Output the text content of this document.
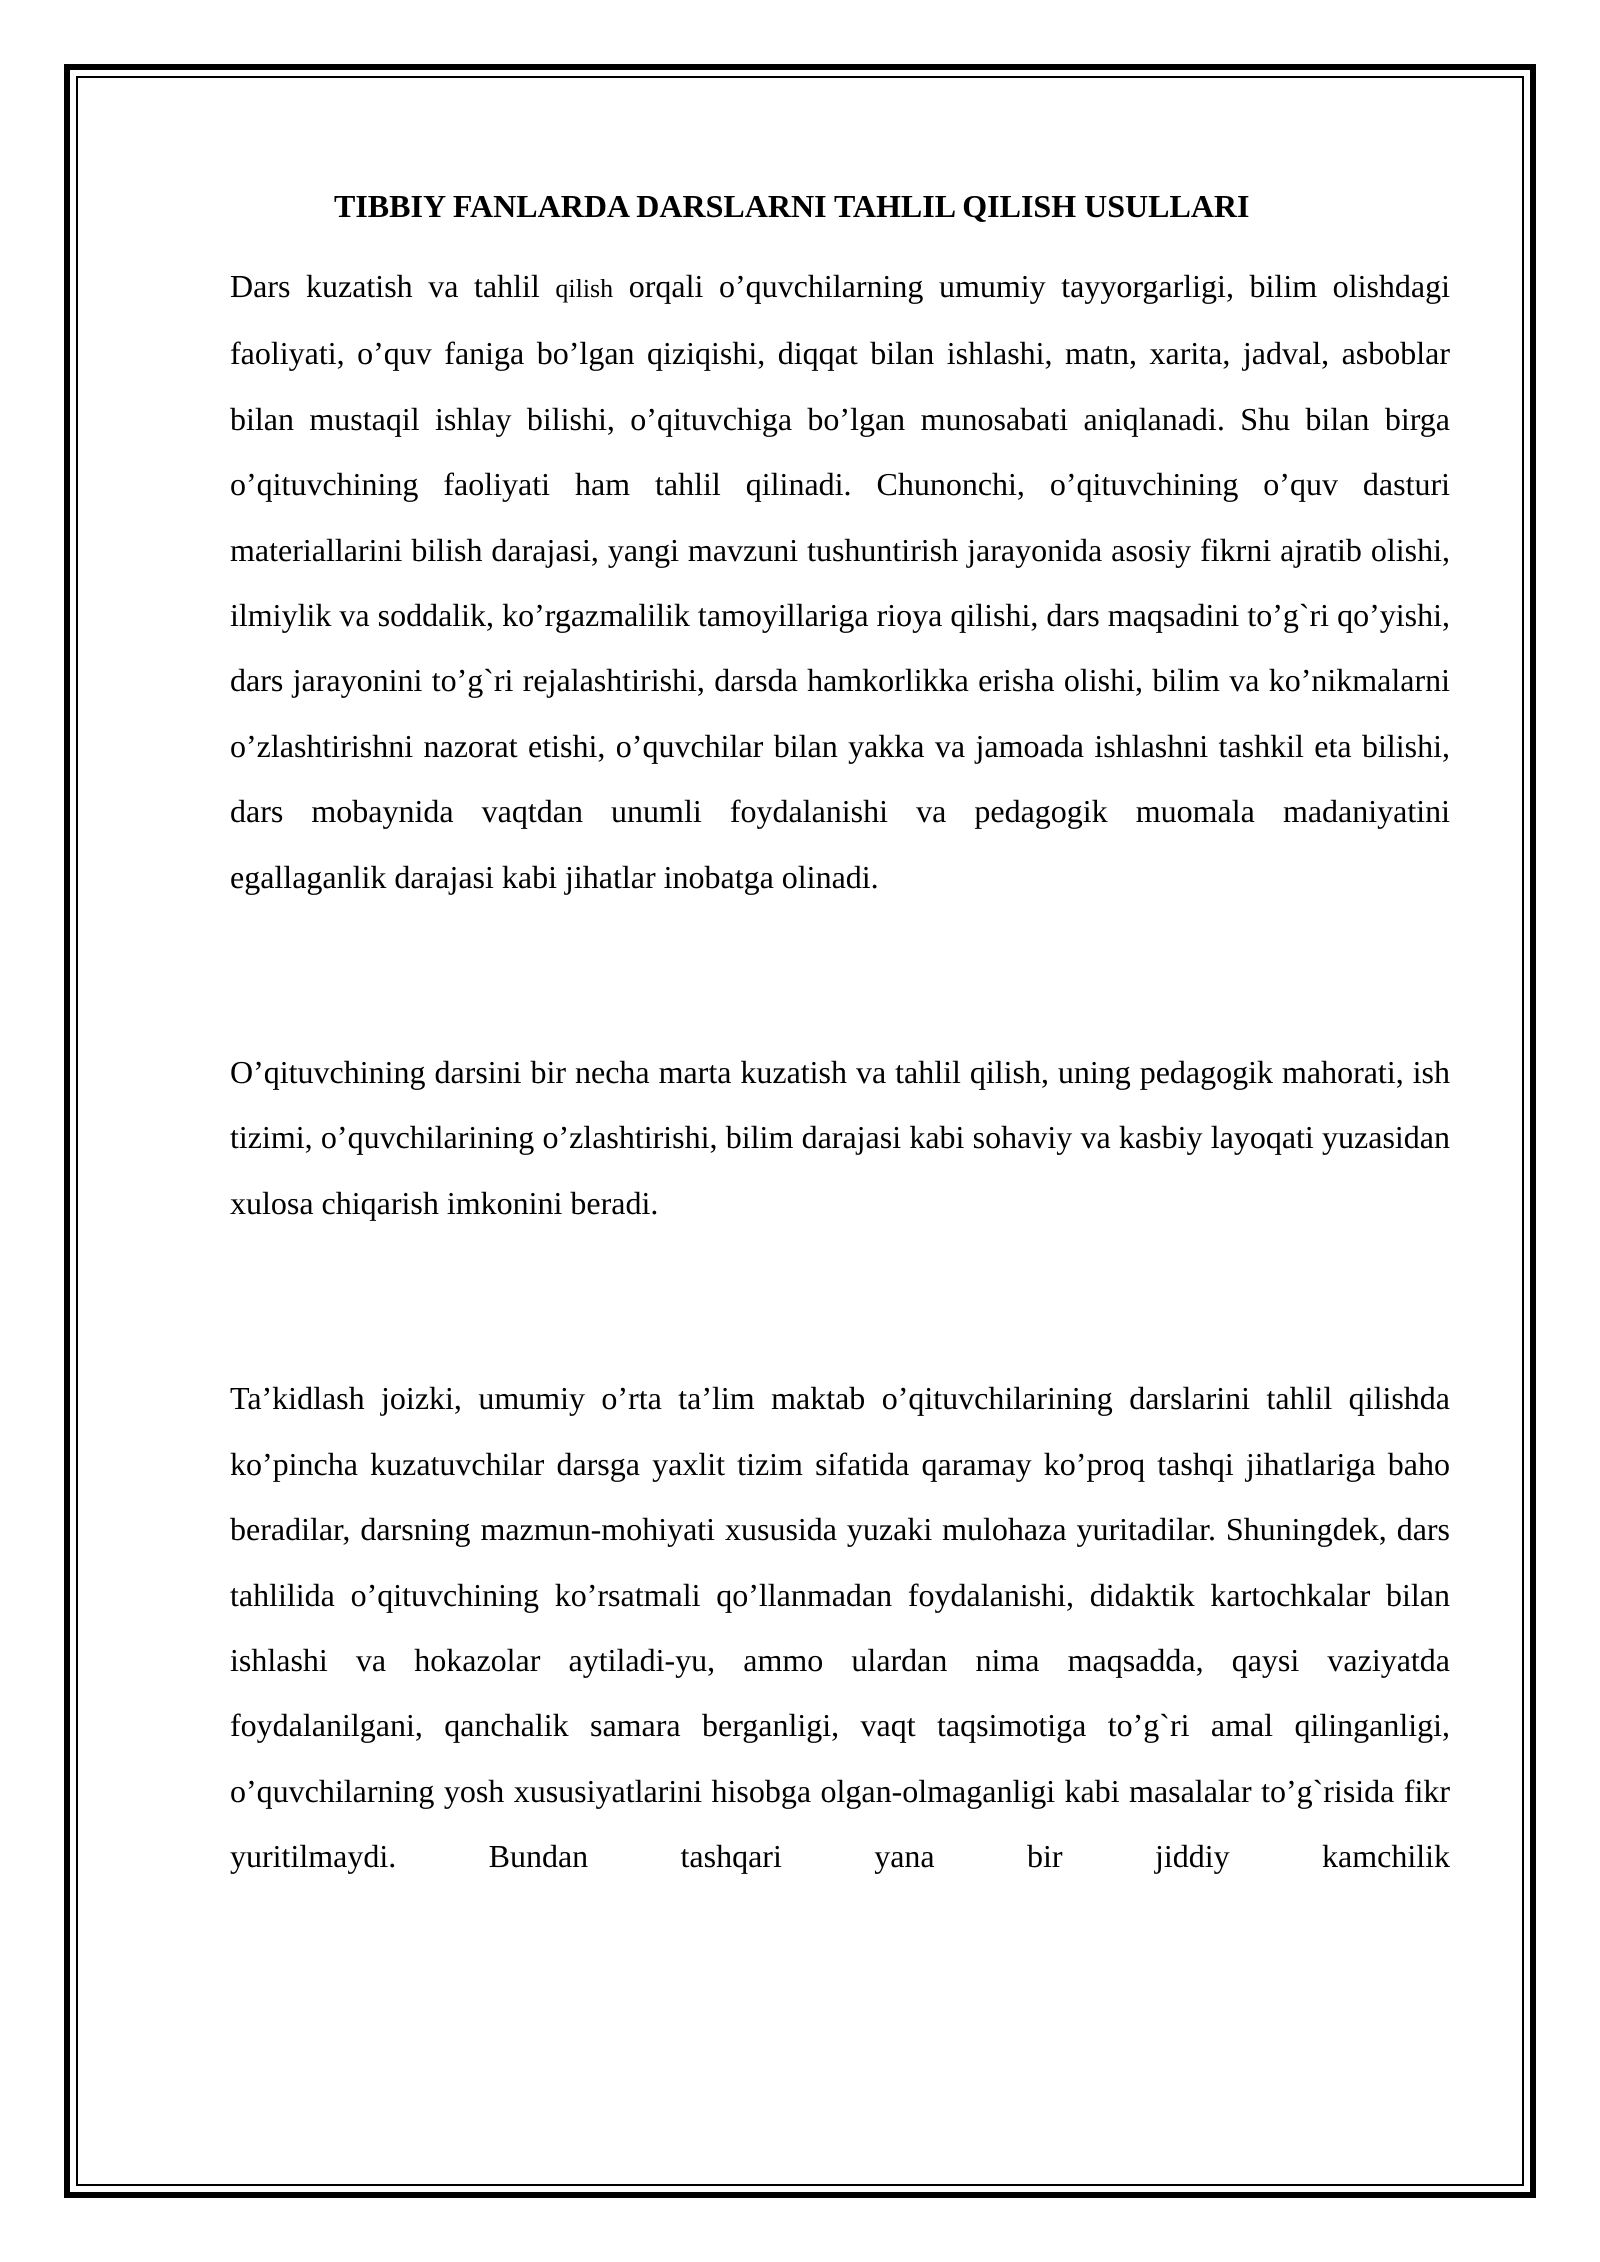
TIBBIY FANLARDA DARSLARNI TAHLIL QILISH USULLARI

Dars kuzatish va tahlil qilish orqali o’quvchilarning umumiy tayyorgarligi, bilim olishdagi faoliyati, o’quv faniga bo’lgan qiziqishi, diqqat bilan ishlashi, matn, xarita, jadval, asboblar bilan mustaqil ishlay bilishi, o’qituvchiga bo’lgan munosabati aniqlanadi. Shu bilan birga o’qituvchining faoliyati ham tahlil qilinadi. Chunonchi, o’qituvchining o’quv dasturi materiallarini bilish darajasi, yangi mavzuni tushuntirish jarayonida asosiy fikrni ajratib olishi, ilmiylik va soddalik, ko’rgazmalilik tamoyillariga rioya qilishi, dars maqsadini to’g`ri qo’yishi, dars jarayonini to’g`ri rejalashtirishi, darsda hamkorlikka erisha olishi, bilim va ko’nikmalarni o’zlashtirishni nazorat etishi, o’quvchilar bilan yakka va jamoada ishlashni tashkil eta bilishi, dars mobaynida vaqtdan unumli foydalanishi va pedagogik muomala madaniyatini egallaganlik darajasi kabi jihatlar inobatga olinadi.

O’qituvchining darsini bir necha marta kuzatish va tahlil qilish, uning pedagogik mahorati, ish tizimi, o’quvchilarining o’zlashtirishi, bilim darajasi kabi sohaviy va kasbiy layoqati yuzasidan xulosa chiqarish imkonini beradi.

Ta’kidlash joizki, umumiy o’rta ta’lim maktab o’qituvchilarining darslarini tahlil qilishda ko’pincha kuzatuvchilar darsga yaxlit tizim sifatida qaramay ko’proq tashqi jihatlariga baho beradilar, darsning mazmun-mohiyati xususida yuzaki mulohaza yuritadilar. Shuningdek, dars tahlilida o’qituvchining ko’rsatmali qo’llanmadan foydalanishi, didaktik kartochkalar bilan ishlashi va hokazolar aytiladi-yu, ammo ulardan nima maqsadda, qaysi vaziyatda foydalanilgani, qanchalik samara berganligi, vaqt taqsimotiga to’g`ri amal qilinganligi, o’quvchilarning yosh xususiyatlarini hisobga olgan-olmaganligi kabi masalalar to’g`risida fikr yuritilmaydi. Bundan tashqari yana bir jiddiy kamchilik
